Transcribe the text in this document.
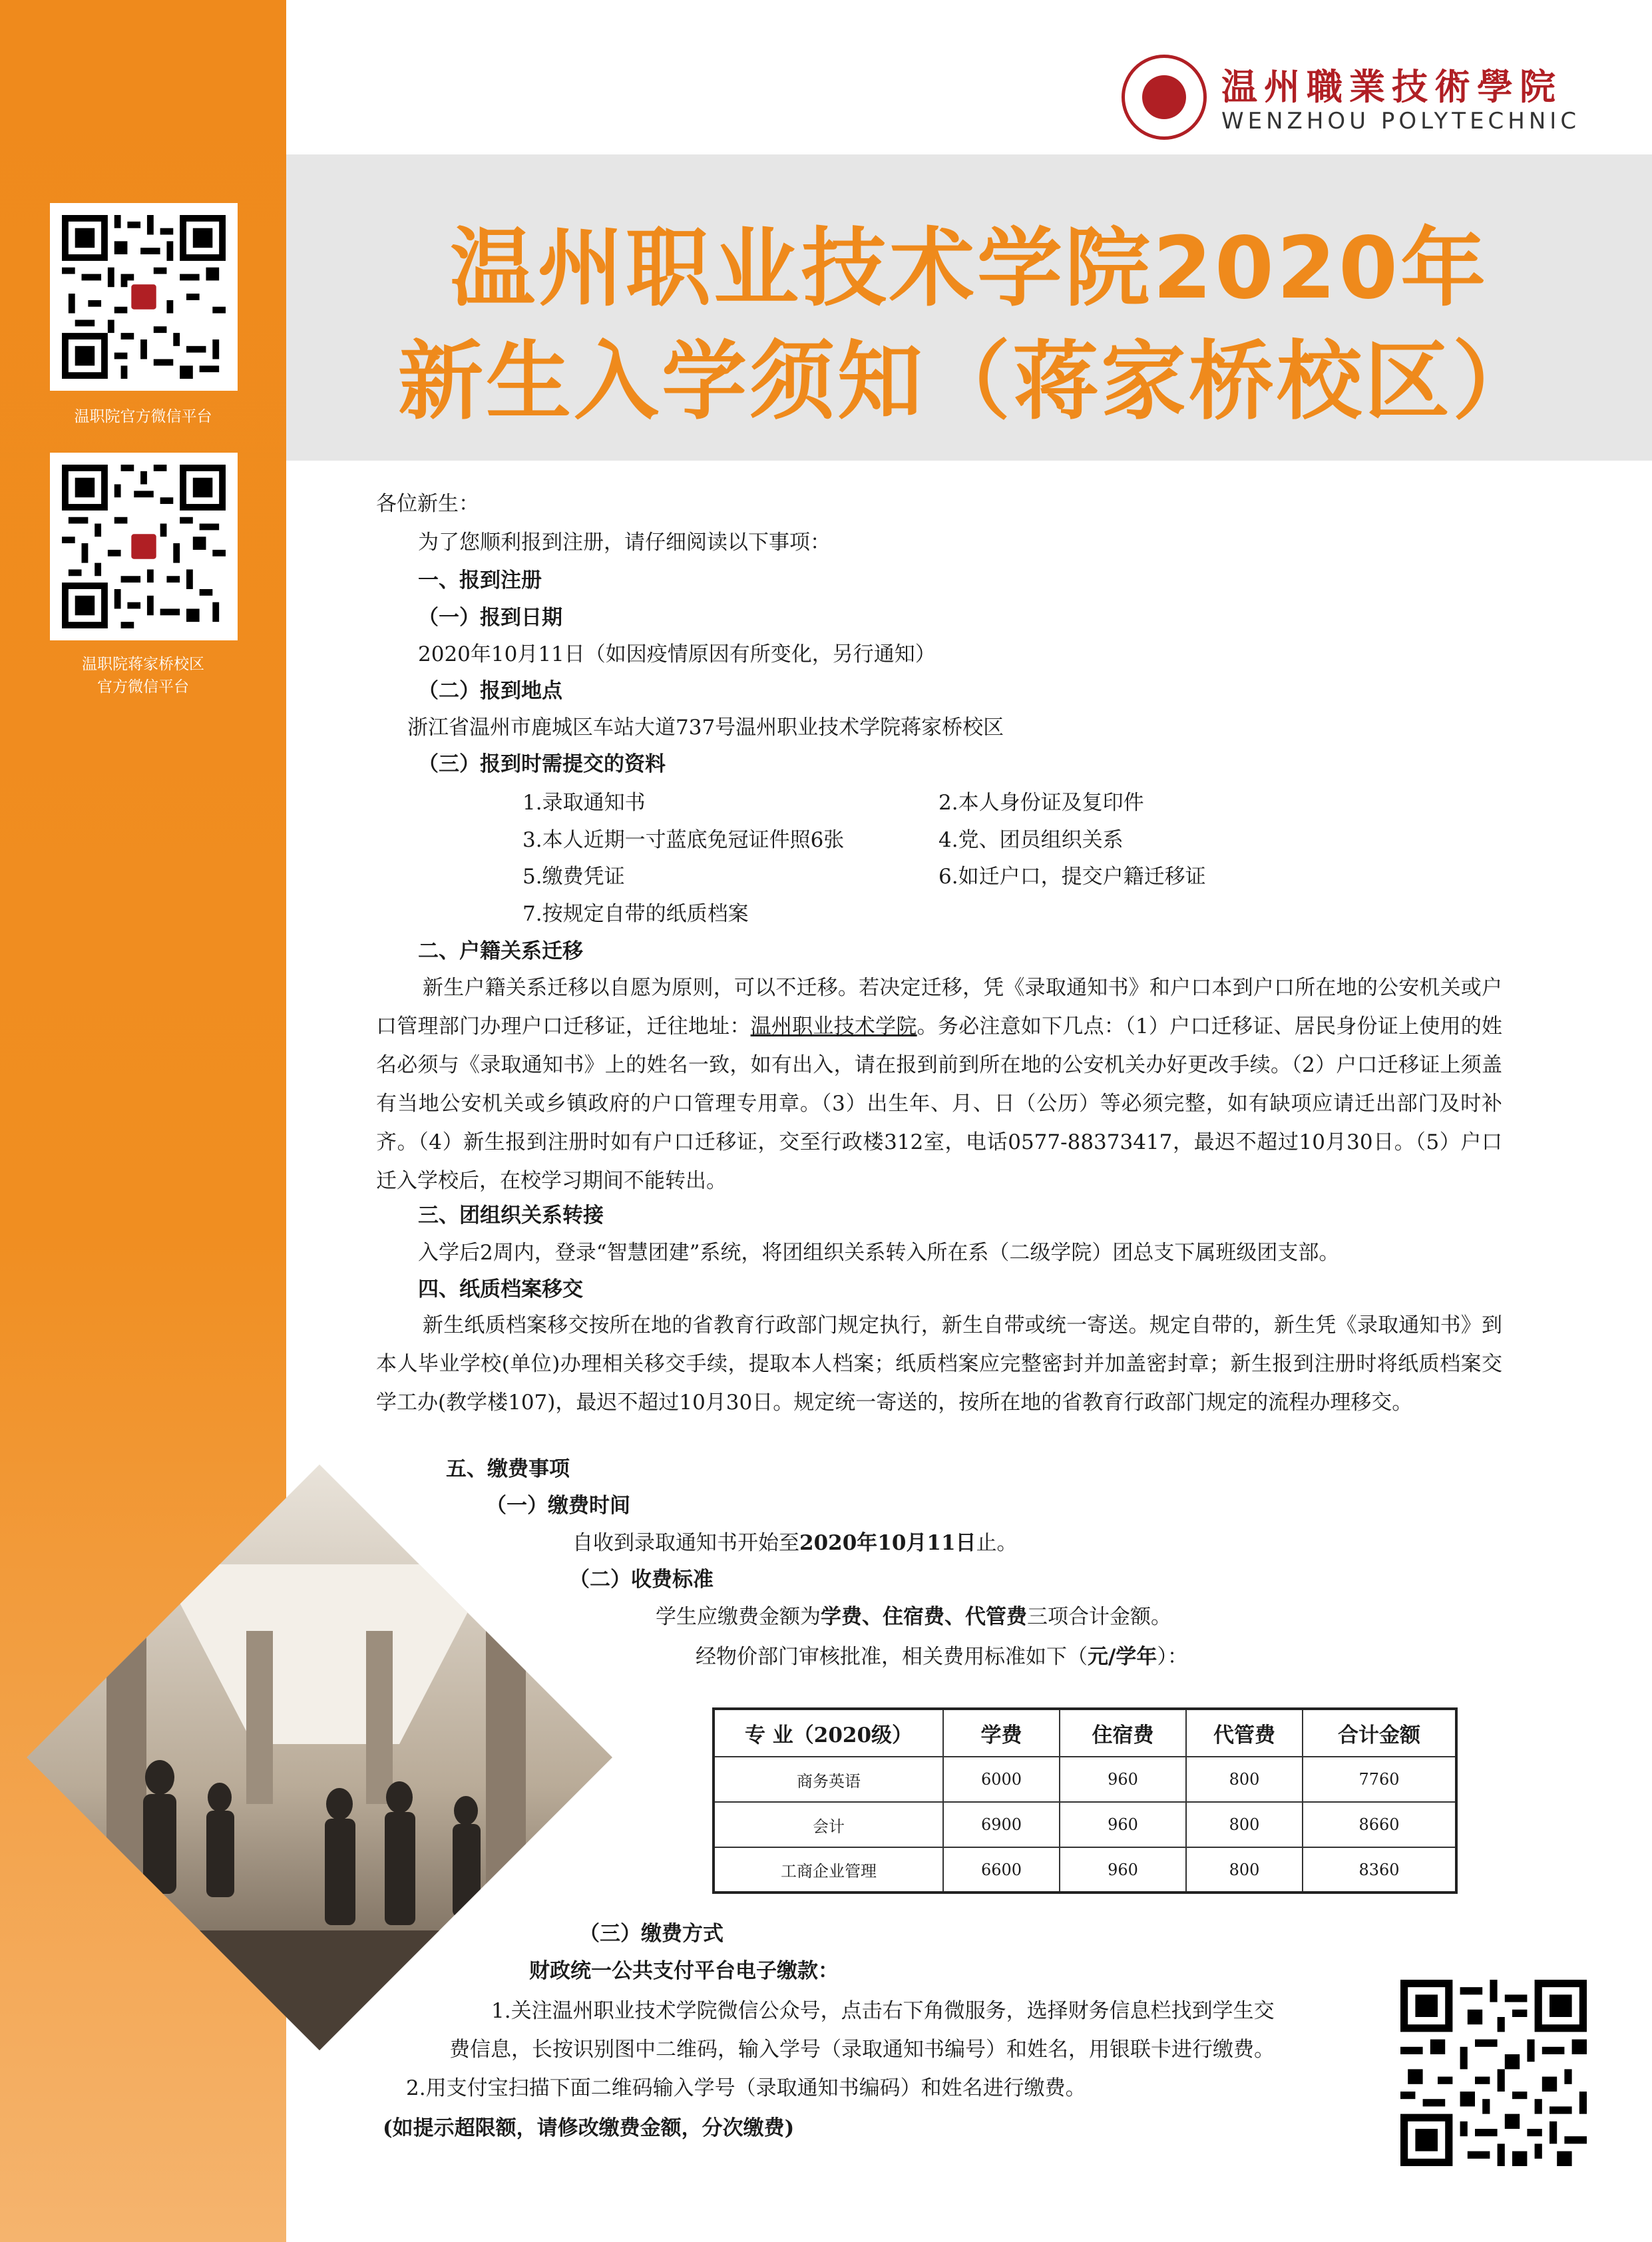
温职院官方微信平台
温职院蒋家桥校区
官方微信平台
温州職業技術學院
WENZHOU POLYTECHNIC
温州职业技术学院2020年
新生入学须知（蒋家桥校区）
各位新生：
为了您顺利报到注册，请仔细阅读以下事项：
一、报到注册
（一）报到日期
2020年10月11日（如因疫情原因有所变化，另行通知）
（二）报到地点
浙江省温州市鹿城区车站大道737号温州职业技术学院蒋家桥校区
（三）报到时需提交的资料
1.录取通知书	2.本人身份证及复印件
3.本人近期一寸蓝底免冠证件照6张	4.党、团员组织关系
5.缴费凭证	6.如迁户口，提交户籍迁移证
7.按规定自带的纸质档案
二、户籍关系迁移
新生户籍关系迁移以自愿为原则，可以不迁移。若决定迁移，凭《录取通知书》和户口本到户口所在地的公安机关或户口管理部门办理户口迁移证，迁往地址：温州职业技术学院。务必注意如下几点：（1）户口迁移证、居民身份证上使用的姓名必须与《录取通知书》上的姓名一致，如有出入，请在报到前到所在地的公安机关办好更改手续。（2）户口迁移证上须盖有当地公安机关或乡镇政府的户口管理专用章。（3）出生年、月、日（公历）等必须完整，如有缺项应请迁出部门及时补齐。（4）新生报到注册时如有户口迁移证，交至行政楼312室，电话0577-88373417，最迟不超过10月30日。（5）户口迁入学校后，在校学习期间不能转出。
三、团组织关系转接
入学后2周内，登录“智慧团建”系统，将团组织关系转入所在系（二级学院）团总支下属班级团支部。
四、纸质档案移交
新生纸质档案移交按所在地的省教育行政部门规定执行，新生自带或统一寄送。规定自带的，新生凭《录取通知书》到本人毕业学校(单位)办理相关移交手续，提取本人档案；纸质档案应完整密封并加盖密封章；新生报到注册时将纸质档案交学工办(教学楼107)，最迟不超过10月30日。规定统一寄送的，按所在地的省教育行政部门规定的流程办理移交。
五、缴费事项
（一）缴费时间
自收到录取通知书开始至2020年10月11日止。
（二）收费标准
学生应缴费金额为学费、住宿费、代管费三项合计金额。
经物价部门审核批准，相关费用标准如下（元/学年）：
专 业（2020级）	学费	住宿费	代管费	合计金额
商务英语	6000	960	800	7760
会计	6900	960	800	8660
工商企业管理	6600	960	800	8360
（三）缴费方式
财政统一公共支付平台电子缴款：
1.关注温州职业技术学院微信公众号，点击右下角微服务，选择财务信息栏找到学生交
费信息，长按识别图中二维码，输入学号（录取通知书编号）和姓名，用银联卡进行缴费。
2.用支付宝扫描下面二维码输入学号（录取通知书编码）和姓名进行缴费。
(如提示超限额，请修改缴费金额，分次缴费)
